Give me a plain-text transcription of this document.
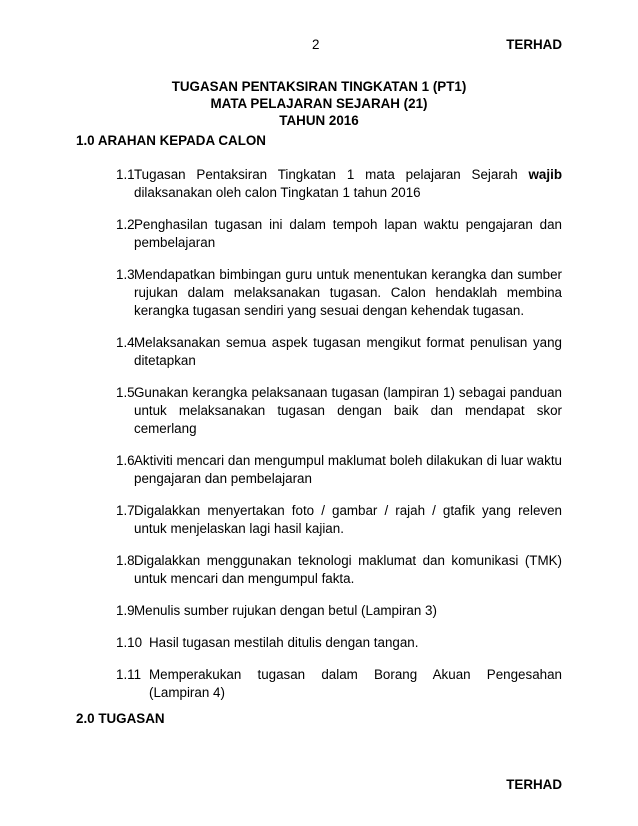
2	TERHAD
TUGASAN PENTAKSIRAN TINGKATAN 1 (PT1)
MATA PELAJARAN SEJARAH (21)
TAHUN 2016
1.0 ARAHAN KEPADA CALON
1.1 Tugasan Pentaksiran Tingkatan 1 mata pelajaran Sejarah wajib dilaksanakan oleh calon Tingkatan 1 tahun 2016
1.2 Penghasilan tugasan ini dalam tempoh lapan waktu pengajaran dan pembelajaran
1.3 Mendapatkan bimbingan guru untuk menentukan kerangka dan sumber rujukan dalam melaksanakan tugasan. Calon hendaklah membina kerangka tugasan sendiri yang sesuai dengan kehendak tugasan.
1.4 Melaksanakan semua aspek tugasan mengikut format penulisan yang ditetapkan
1.5 Gunakan kerangka pelaksanaan tugasan (lampiran 1) sebagai panduan untuk melaksanakan tugasan dengan baik dan mendapat skor cemerlang
1.6 Aktiviti mencari dan mengumpul maklumat boleh dilakukan di luar waktu pengajaran dan pembelajaran
1.7 Digalakkan menyertakan foto / gambar / rajah / gtafik yang releven untuk menjelaskan lagi hasil kajian.
1.8 Digalakkan menggunakan teknologi maklumat dan komunikasi (TMK) untuk mencari dan mengumpul fakta.
1.9 Menulis sumber rujukan dengan betul (Lampiran 3)
1.10 Hasil tugasan mestilah ditulis dengan tangan.
1.11 Memperakukan tugasan dalam Borang Akuan Pengesahan (Lampiran 4)
2.0 TUGASAN
TERHAD
